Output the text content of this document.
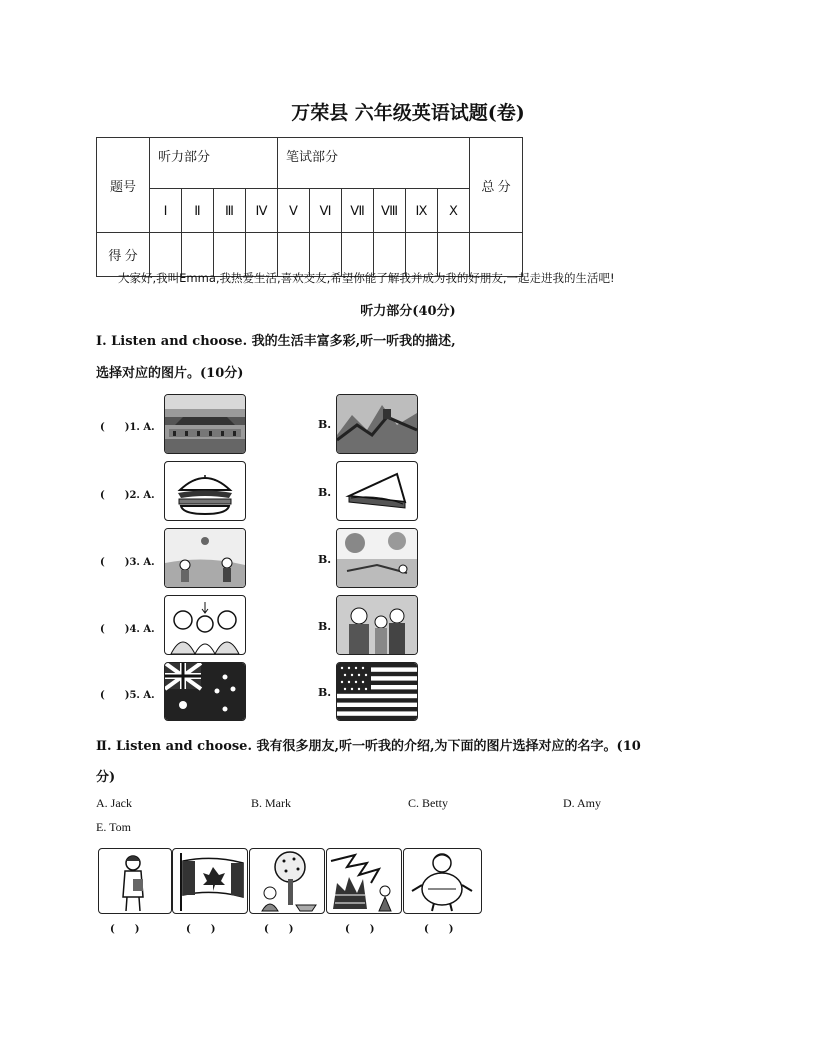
万荣县 六年级英语试题(卷)
题号	听力部分				笔试部分						总 分
	Ⅰ	Ⅱ	Ⅲ	Ⅳ	Ⅴ	Ⅵ	Ⅶ	Ⅷ	Ⅸ	Ⅹ	
得 分											
大家好,我叫Emma,我热爱生活,喜欢交友,希望你能了解我并成为我的好朋友,一起走进我的生活吧!
听力部分(40分)
Ⅰ. Listen and choose. 我的生活丰富多彩,听一听我的描述,
选择对应的图片。(10分)
(　　)1. A.	B.
(　　)2. A.	B.
(　　)3. A.	B.
(　　)4. A.	B.
(　　)5. A.	B.
Ⅱ. Listen and choose. 我有很多朋友,听一听我的介绍,为下面的图片选择对应的名字。(10
分)
A. Jack	B. Mark	C. Betty	D. Amy
E. Tom
(　　)	(　　)	(　　)	(　　)	(　　)
